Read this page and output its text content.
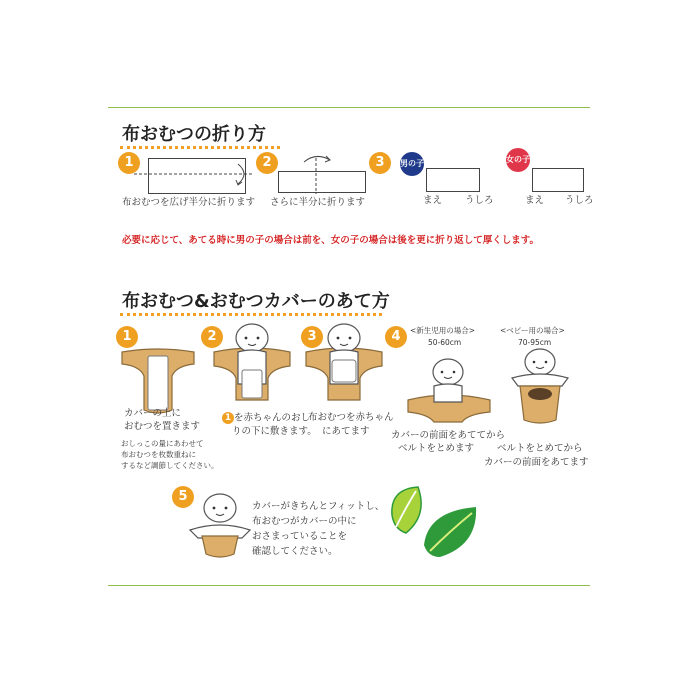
布おむつの折り方
1
布おむつを広げ半分に折ります
2
さらに半分に折ります
3	男の子
まえ うしろ
女の子
まえ うしろ
必要に応じて、あてる時に男の子の場合は前を、女の子の場合は後を更に折り返して厚くします。
布おむつ&おむつカバーのあて方
1
カバーの上に
おむつを置きます
おしっこの量にあわせて
布おむつを枚数重ねに
するなど調節してください。
2
1 を赤ちゃんのおし
りの下に敷きます。
3
布おむつを赤ちゃん
にあてます
4	<新生児用の場合>
50-60cm
<ベビー用の場合>
70-95cm
カバーの前面をあててから
ベルトをとめます ベルトをとめてから
カバーの前面をあてます
5
カバーがきちんとフィットし、
布おむつがカバーの中に
おさまっていることを
確認してください。
